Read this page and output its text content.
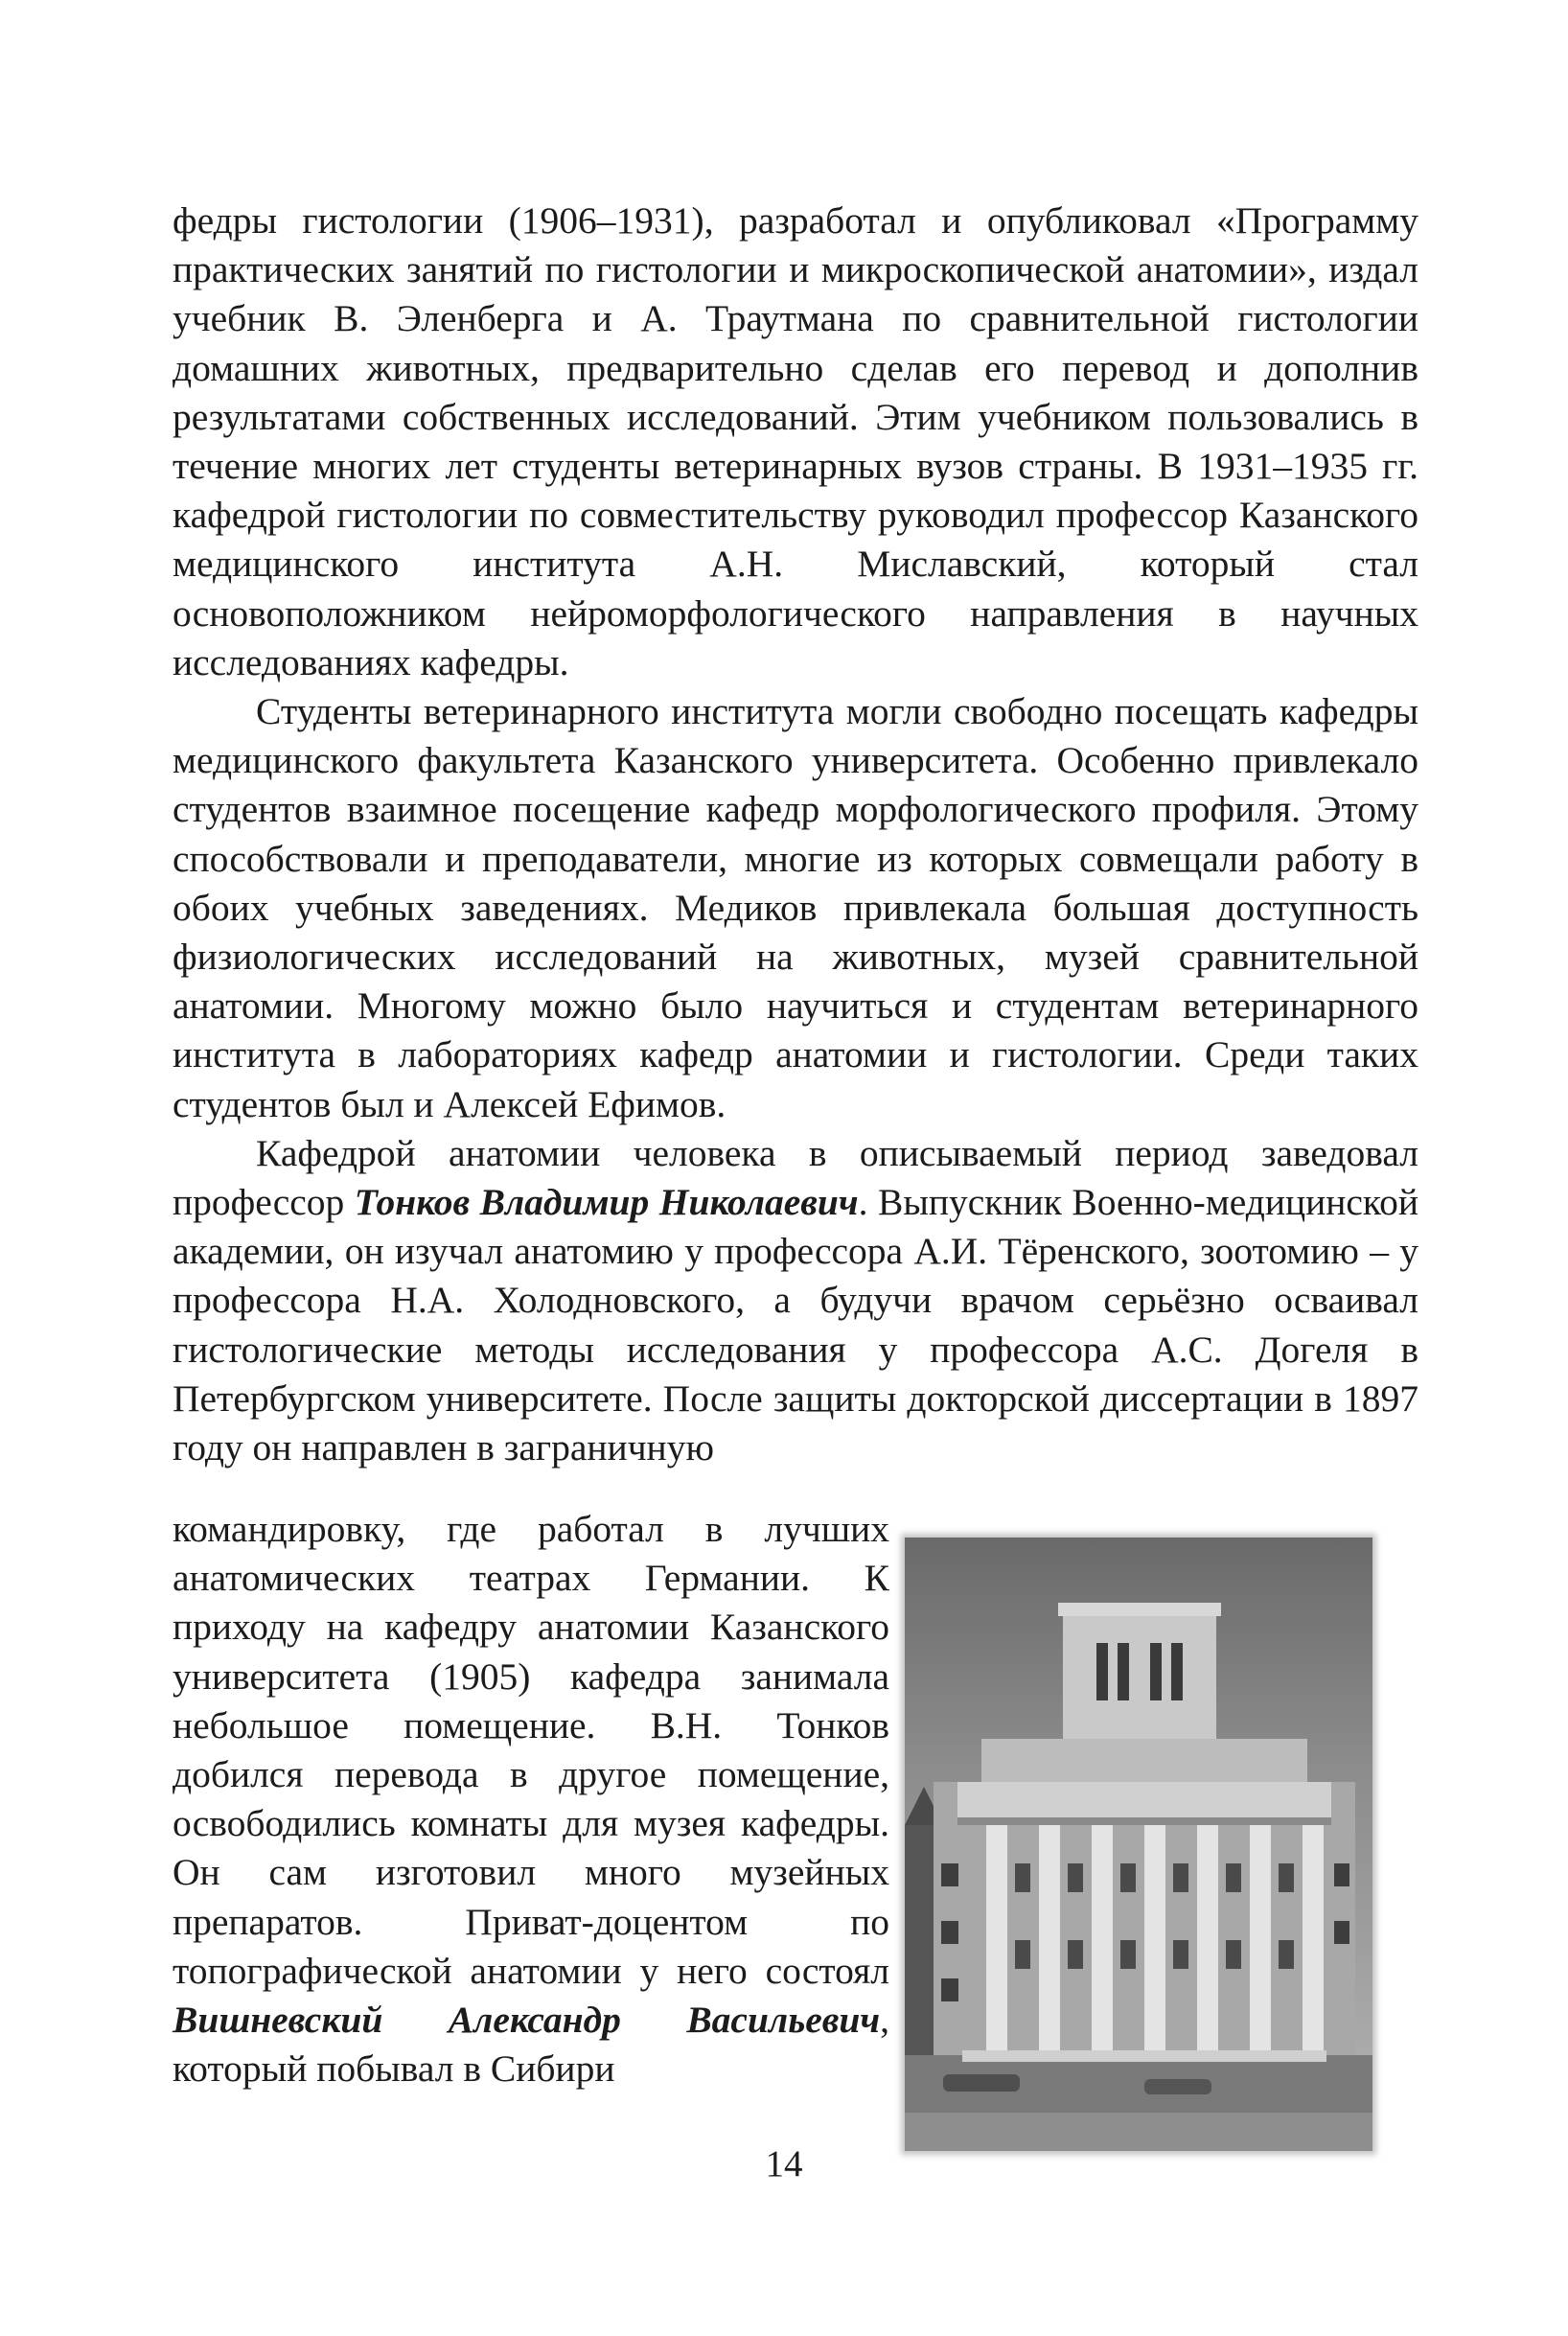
федры гистологии (1906–1931), разработал и опубликовал «Программу практических занятий по гистологии и микроскопической анатомии», издал учебник В. Эленберга и А. Траутмана по сравнительной гистологии домашних животных, предварительно сделав его перевод и дополнив результатами собственных исследований. Этим учебником пользовались в течение многих лет студенты ветеринарных вузов страны. В 1931–1935 гг. кафедрой гистологии по совместительству руководил профессор Казанского медицинского института А.Н. Миславский, который стал основоположником нейроморфологического направления в научных исследованиях кафедры.

Студенты ветеринарного института могли свободно посещать кафедры медицинского факультета Казанского университета. Особенно привлекало студентов взаимное посещение кафедр морфологического профиля. Этому способствовали и преподаватели, многие из которых совмещали работу в обоих учебных заведениях. Медиков привлекала большая доступность физиологических исследований на животных, музей сравнительной анатомии. Многому можно было научиться и студентам ветеринарного института в лабораториях кафедр анатомии и гистологии. Среди таких студентов был и Алексей Ефимов.

Кафедрой анатомии человека в описываемый период заведовал профессор Тонков Владимир Николаевич. Выпускник Военно-медицинской академии, он изучал анатомию у профессора А.И. Тёренского, зоотомию – у профессора Н.А. Холодновского, а будучи врачом серьёзно осваивал гистологические методы исследования у профессора А.С. Догеля в Петербургском университете. После защиты докторской диссертации в 1897 году он направлен в заграничную

командировку, где работал в лучших анатомических театрах Германии. К приходу на кафедру анатомии Казанского университета (1905) кафедра занимала небольшое помещение. В.Н. Тонков добился перевода в другое помещение, освободились комнаты для музея кафедры. Он сам изготовил много музейных препаратов. Приват-доцентом по топографической анатомии у него состоял Вишневский Александр Васильевич, который побывал в Сибири

14
